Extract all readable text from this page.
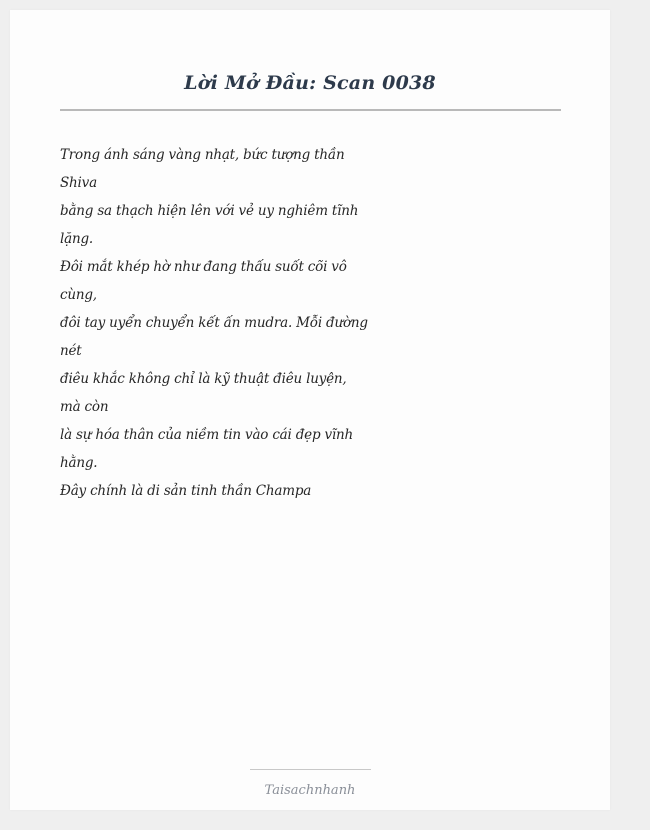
Lời Mở Đầu: Scan 0038
Trong ánh sáng vàng nhạt, bức tượng thần
Shiva
bằng sa thạch hiện lên với vẻ uy nghiêm tĩnh
lặng.
Đôi mắt khép hờ như đang thấu suốt cõi vô
cùng,
đôi tay uyển chuyển kết ấn mudra. Mỗi đường
nét
điêu khắc không chỉ là kỹ thuật điêu luyện,
mà còn
là sự hóa thân của niềm tin vào cái đẹp vĩnh
hằng.
Đây chính là di sản tinh thần Champa
Taisachnhanh
